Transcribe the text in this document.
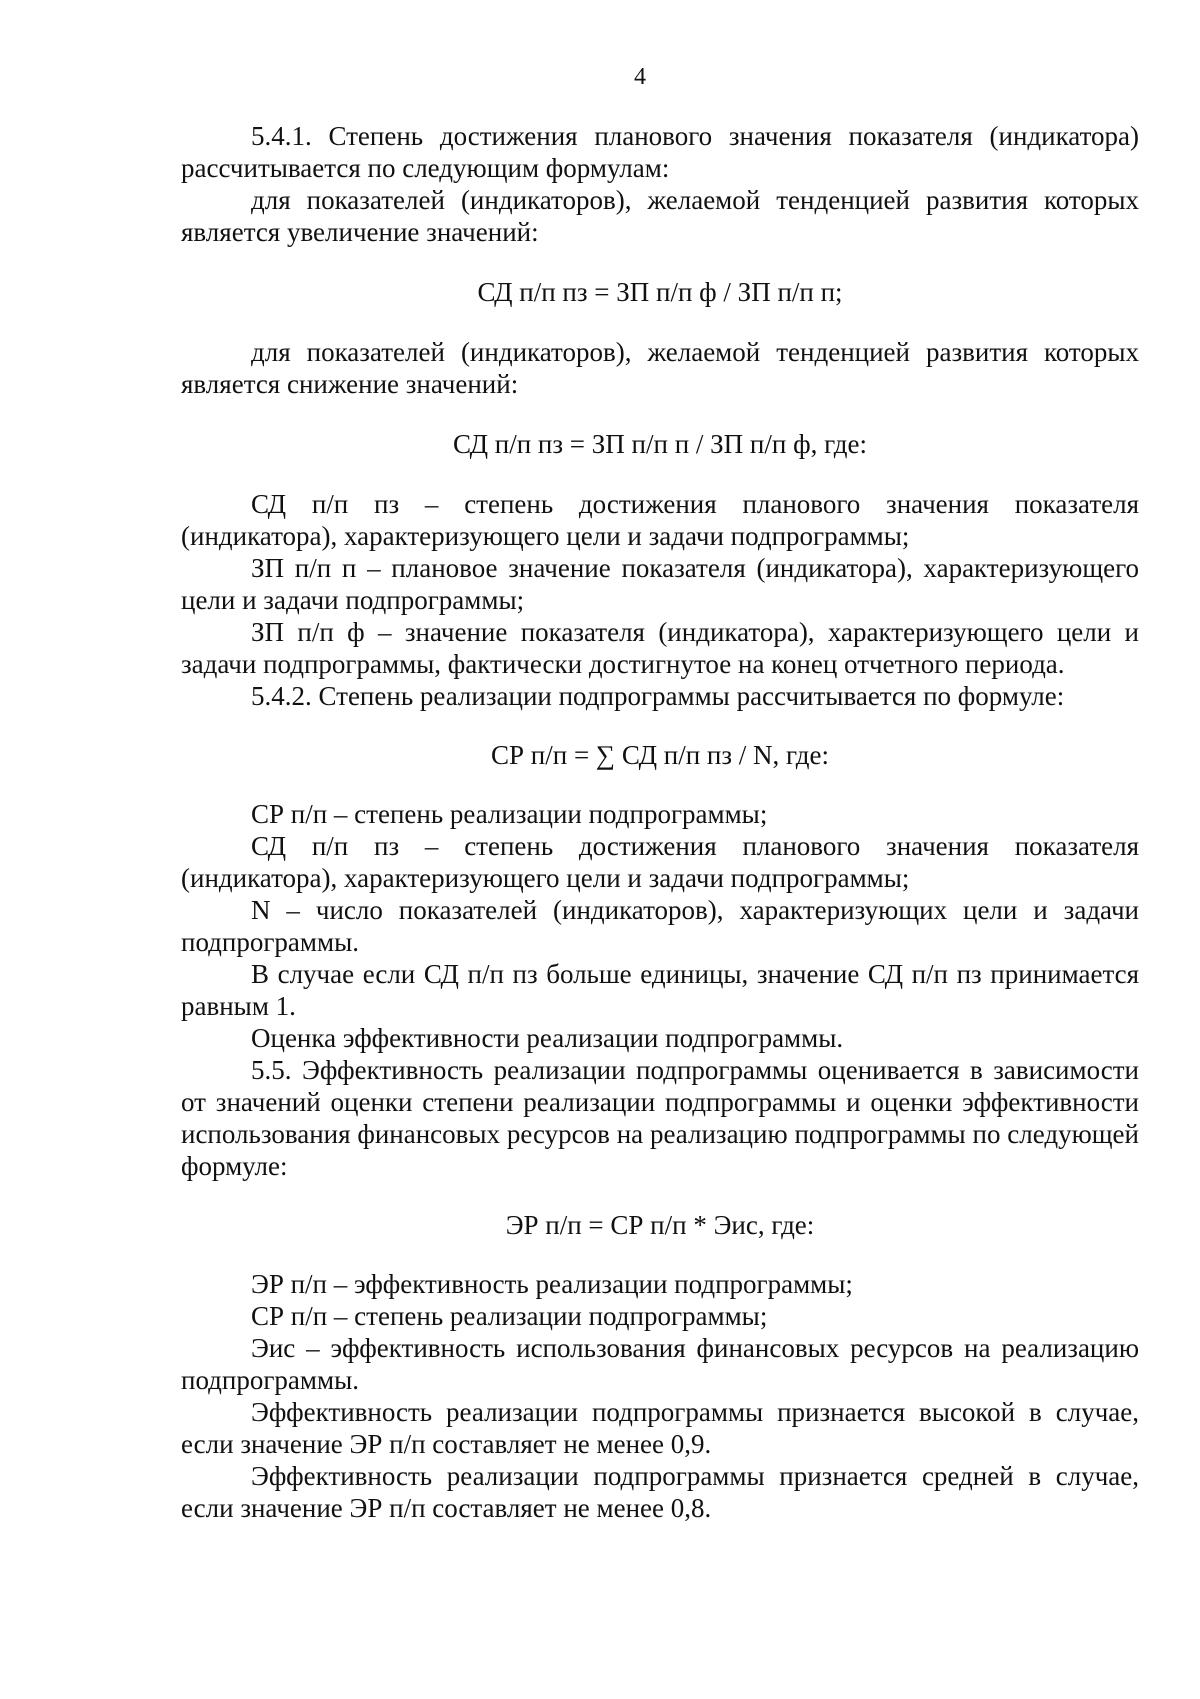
4

5.4.1. Степень достижения планового значения показателя (индикатора) рассчитывается по следующим формулам:

для показателей (индикаторов), желаемой тенденцией развития которых является увеличение значений:

СД п/п пз = ЗП п/п ф / ЗП п/п п;

для показателей (индикаторов), желаемой тенденцией развития которых является снижение значений:

СД п/п пз = ЗП п/п п / ЗП п/п ф, где:

СД п/п пз – степень достижения планового значения показателя (индикатора), характеризующего цели и задачи подпрограммы;

ЗП п/п п – плановое значение показателя (индикатора), характеризующего цели и задачи подпрограммы;

ЗП п/п ф – значение показателя (индикатора), характеризующего цели и задачи подпрограммы, фактически достигнутое на конец отчетного периода.

5.4.2. Степень реализации подпрограммы рассчитывается по формуле:

СР п/п = ∑ СД п/п пз / N, где:

СР п/п – степень реализации подпрограммы;

СД п/п пз – степень достижения планового значения показателя (индикатора), характеризующего цели и задачи подпрограммы;

N – число показателей (индикаторов), характеризующих цели и задачи подпрограммы.

В случае если СД п/п пз больше единицы, значение СД п/п пз принимается равным 1.

Оценка эффективности реализации подпрограммы.

5.5. Эффективность реализации подпрограммы оценивается в зависимости от значений оценки степени реализации подпрограммы и оценки эффективности использования финансовых ресурсов на реализацию подпрограммы по следующей формуле:

ЭР п/п = СР п/п * Эис, где:

ЭР п/п – эффективность реализации подпрограммы;

СР п/п – степень реализации подпрограммы;

Эис – эффективность использования финансовых ресурсов на реализацию подпрограммы.

Эффективность реализации подпрограммы признается высокой в случае, если значение ЭР п/п составляет не менее 0,9.

Эффективность реализации подпрограммы признается средней в случае, если значение ЭР п/п составляет не менее 0,8.
